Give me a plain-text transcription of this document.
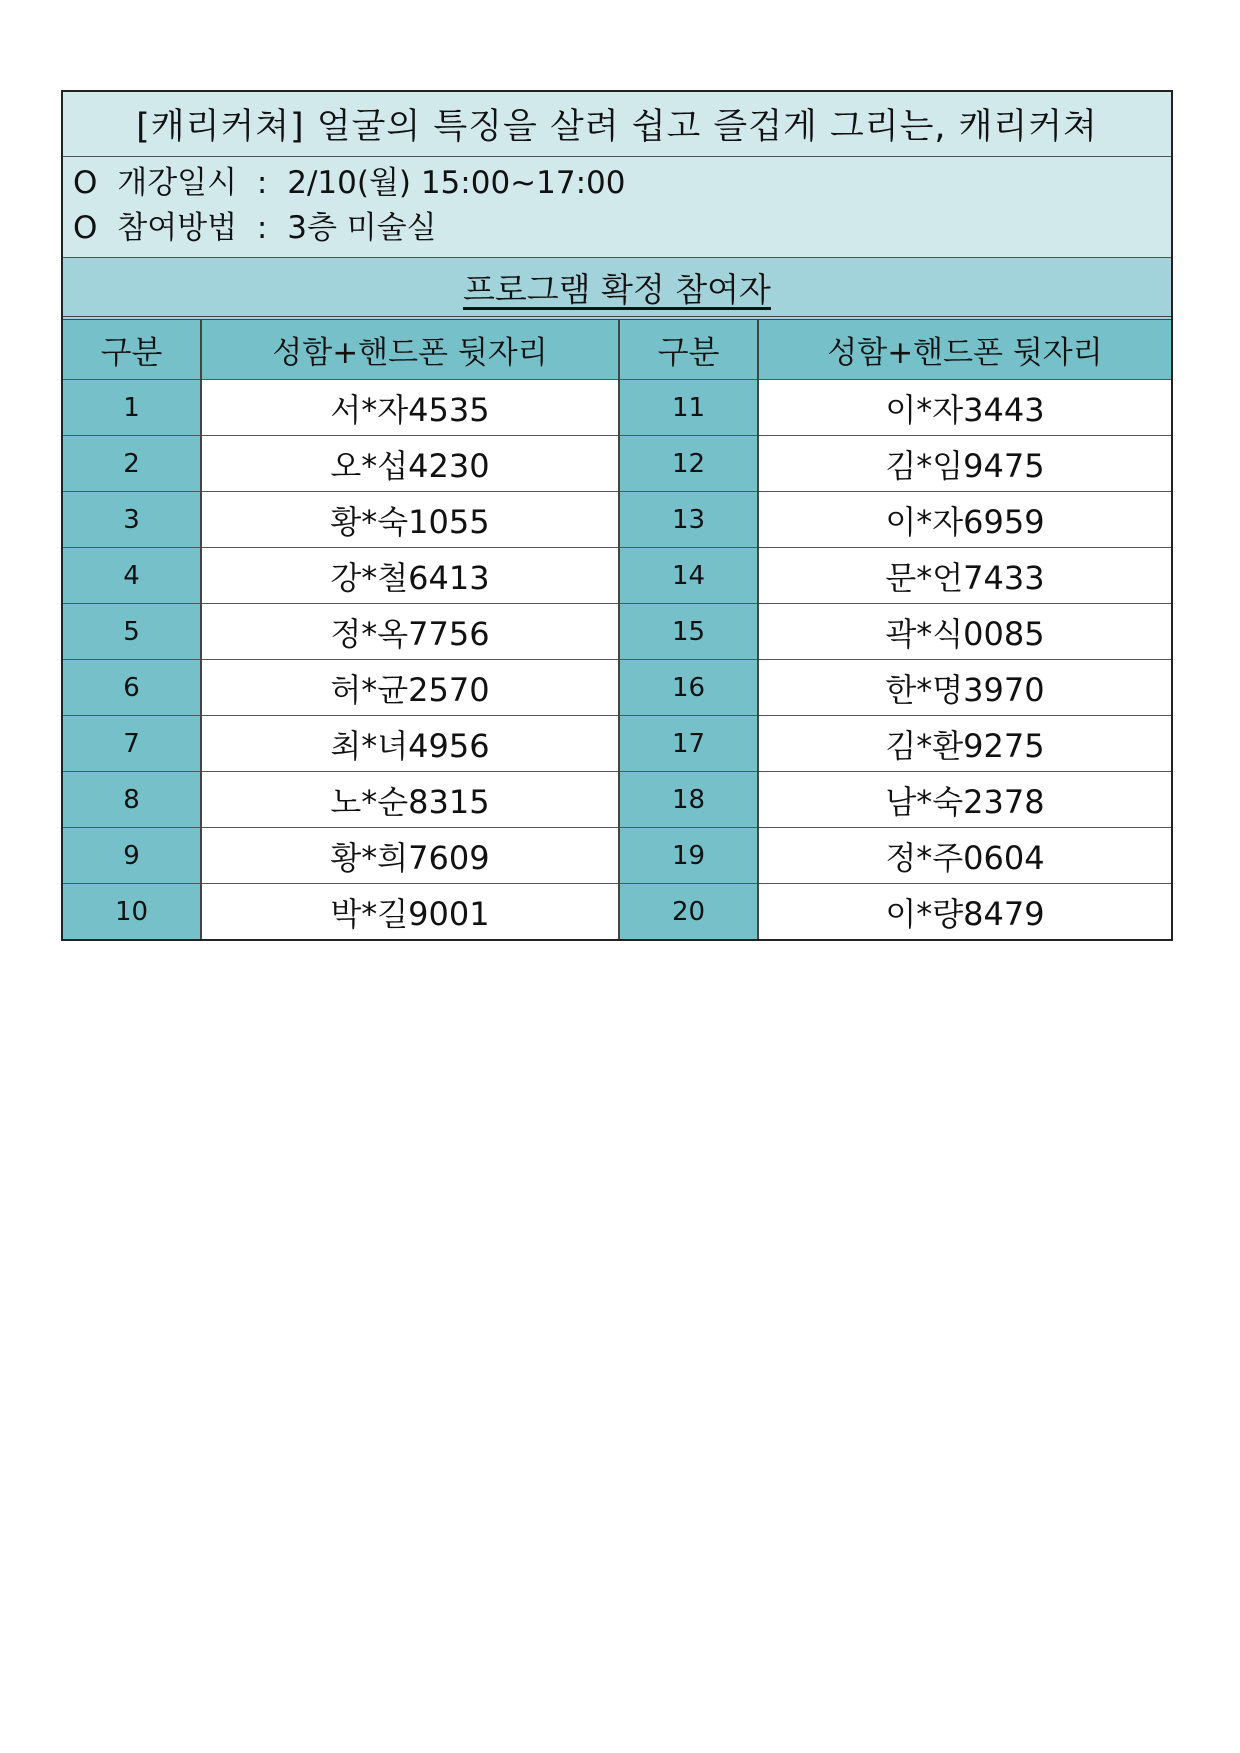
[캐리커쳐] 얼굴의 특징을 살려 쉽고 즐겁게 그리는, 캐리커쳐
O 개강일시 : 2/10(월) 15:00~17:00
O 참여방법 : 3층 미술실
프로그램 확정 참여자
구분	성함+핸드폰 뒷자리	구분	성함+핸드폰 뒷자리
1	서*자4535	11	이*자3443
2	오*섭4230	12	김*임9475
3	황*숙1055	13	이*자6959
4	강*철6413	14	문*언7433
5	정*옥7756	15	곽*식0085
6	허*균2570	16	한*명3970
7	최*녀4956	17	김*환9275
8	노*순8315	18	남*숙2378
9	황*희7609	19	정*주0604
10	박*길9001	20	이*량8479
